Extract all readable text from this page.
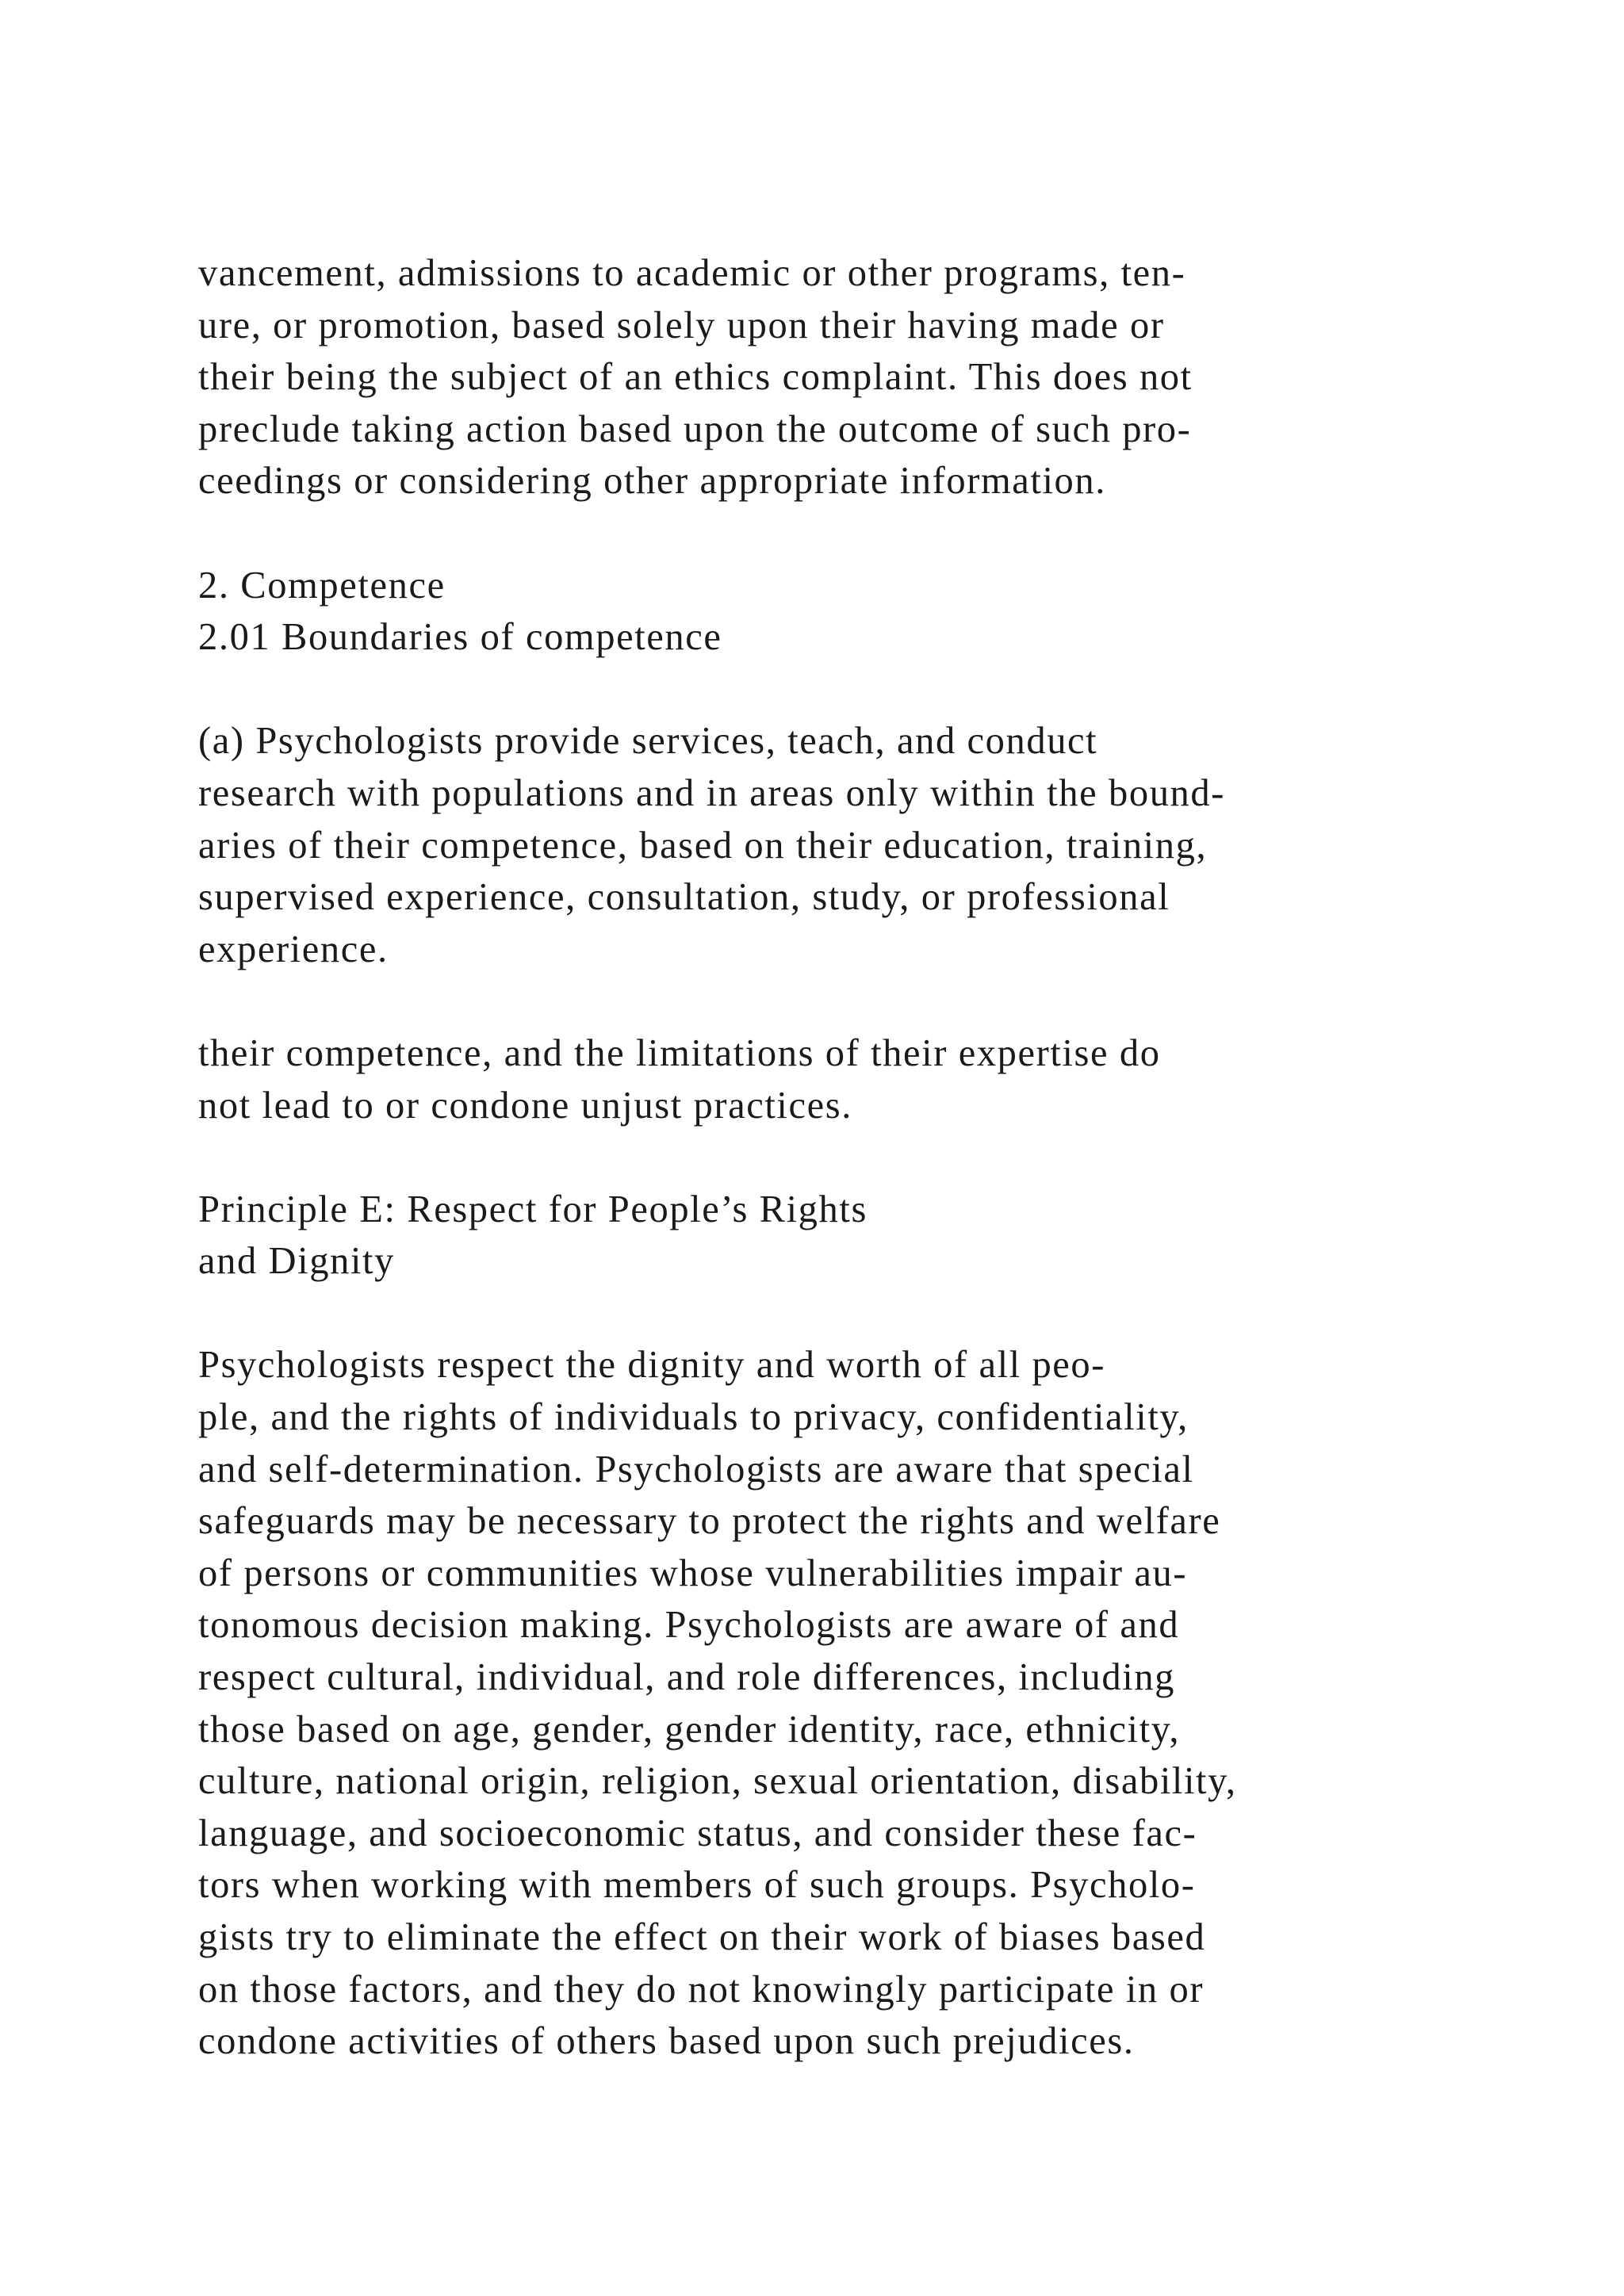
vancement, admissions to academic or other programs, ten-
ure, or promotion, based solely upon their having made or
their being the subject of an ethics complaint. This does not
preclude taking action based upon the outcome of such pro-
ceedings or considering other appropriate information.
2. Competence
2.01 Boundaries of competence
(a) Psychologists provide services, teach, and conduct
research with populations and in areas only within the bound-
aries of their competence, based on their education, training,
supervised experience, consultation, study, or professional
experience.
their competence, and the limitations of their expertise do
not lead to or condone unjust practices.
Principle E: Respect for People’s Rights
and Dignity
Psychologists respect the dignity and worth of all peo-
ple, and the rights of individuals to privacy, confidentiality,
and self-determination. Psychologists are aware that special
safeguards may be necessary to protect the rights and welfare
of persons or communities whose vulnerabilities impair au-
tonomous decision making. Psychologists are aware of and
respect cultural, individual, and role differences, including
those based on age, gender, gender identity, race, ethnicity,
culture, national origin, religion, sexual orientation, disability,
language, and socioeconomic status, and consider these fac-
tors when working with members of such groups. Psycholo-
gists try to eliminate the effect on their work of biases based
on those factors, and they do not knowingly participate in or
condone activities of others based upon such prejudices.
